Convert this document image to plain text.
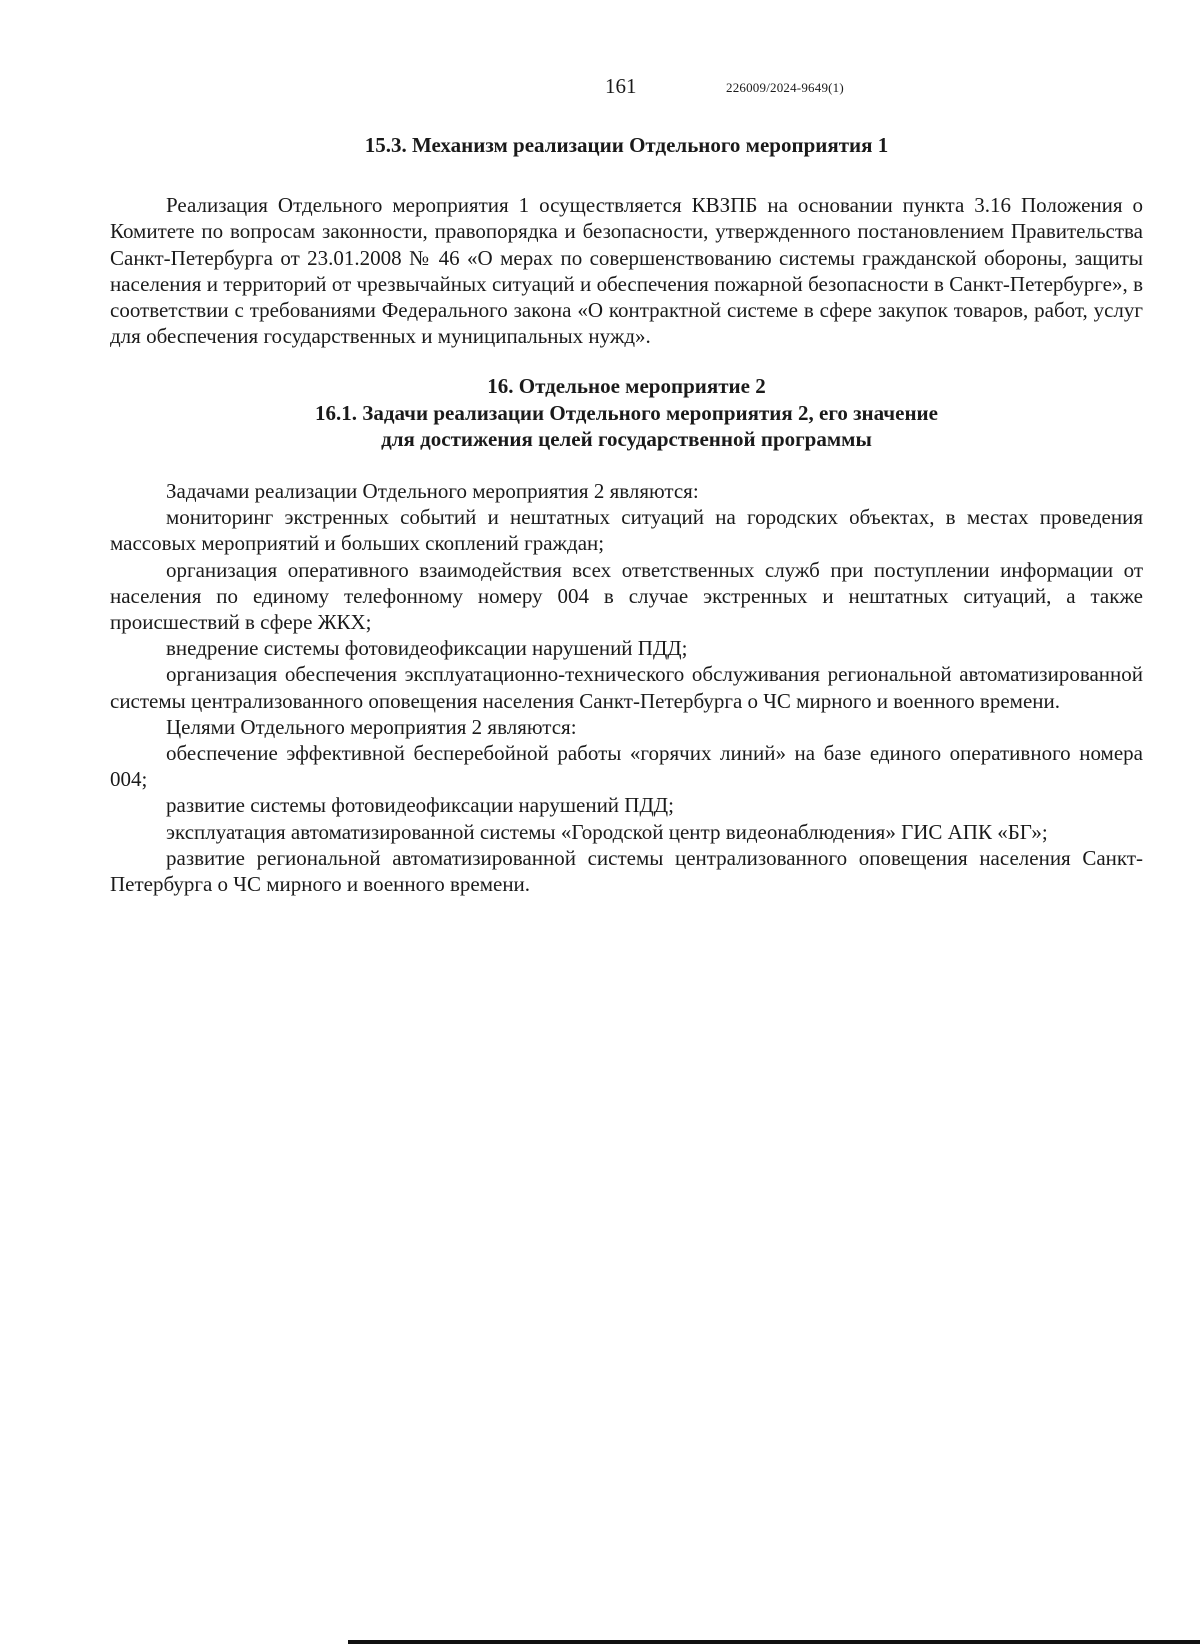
161	226009/2024-9649(1)
15.3. Механизм реализации Отдельного мероприятия 1

Реализация Отдельного мероприятия 1 осуществляется КВЗПБ на основании пункта 3.16 Положения о Комитете по вопросам законности, правопорядка и безопасности, утвержденного постановлением Правительства Санкт-Петербурга от 23.01.2008 № 46 «О мерах по совершенствованию системы гражданской обороны, защиты населения и территорий от чрезвычайных ситуаций и обеспечения пожарной безопасности в Санкт-Петербурге», в соответствии с требованиями Федерального закона «О контрактной системе в сфере закупок товаров, работ, услуг для обеспечения государственных и муниципальных нужд».

16. Отдельное мероприятие 2
16.1. Задачи реализации Отдельного мероприятия 2, его значение
для достижения целей государственной программы

Задачами реализации Отдельного мероприятия 2 являются:

мониторинг экстренных событий и нештатных ситуаций на городских объектах, в местах проведения массовых мероприятий и больших скоплений граждан;

организация оперативного взаимодействия всех ответственных служб при поступлении информации от населения по единому телефонному номеру 004 в случае экстренных и нештатных ситуаций, а также происшествий в сфере ЖКХ;

внедрение системы фотовидеофиксации нарушений ПДД;

организация обеспечения эксплуатационно-технического обслуживания региональной автоматизированной системы централизованного оповещения населения Санкт-Петербурга о ЧС мирного и военного времени.

Целями Отдельного мероприятия 2 являются:

обеспечение эффективной бесперебойной работы «горячих линий» на базе единого оперативного номера 004;

развитие системы фотовидеофиксации нарушений ПДД;

эксплуатация автоматизированной системы «Городской центр видеонаблюдения» ГИС АПК «БГ»;

развитие региональной автоматизированной системы централизованного оповещения населения Санкт-Петербурга о ЧС мирного и военного времени.
